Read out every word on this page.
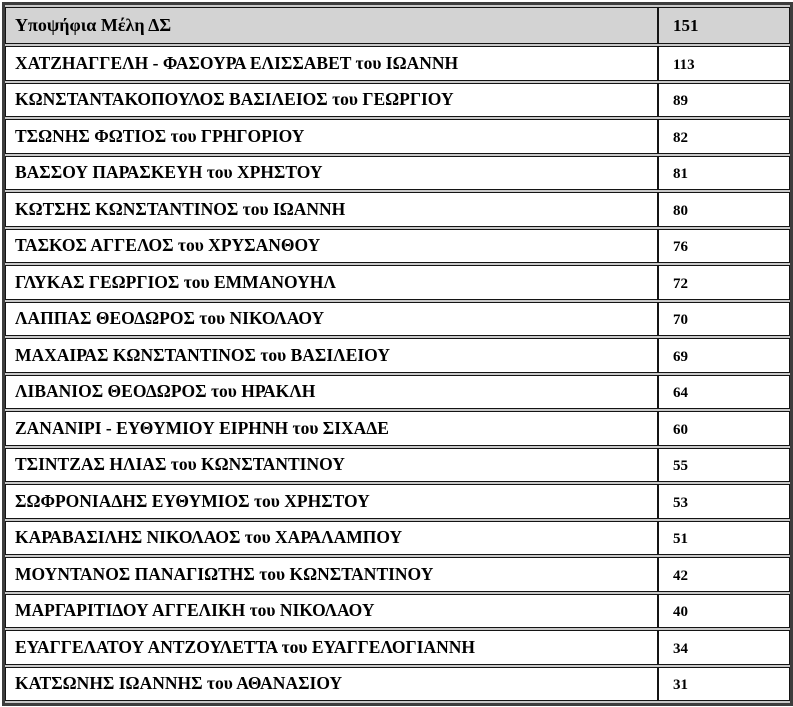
Υποψήφια Μέλη ΔΣ	151
ΧΑΤΖΗΑΓΓΕΛΗ - ΦΑΣΟΥΡΑ ΕΛΙΣΣΑΒΕΤ του ΙΩΑΝΝΗ	113
ΚΩΝΣΤΑΝΤΑΚΟΠΟΥΛΟΣ ΒΑΣΙΛΕΙΟΣ του ΓΕΩΡΓΙΟΥ	89
ΤΣΩΝΗΣ ΦΩΤΙΟΣ του ΓΡΗΓΟΡΙΟΥ	82
ΒΑΣΣΟΥ ΠΑΡΑΣΚΕΥΗ του ΧΡΗΣΤΟΥ	81
ΚΩΤΣΗΣ ΚΩΝΣΤΑΝΤΙΝΟΣ του ΙΩΑΝΝΗ	80
ΤΑΣΚΟΣ ΑΓΓΕΛΟΣ του ΧΡΥΣΑΝΘΟΥ	76
ΓΛΥΚΑΣ ΓΕΩΡΓΙΟΣ του ΕΜΜΑΝΟΥΗΛ	72
ΛΑΠΠΑΣ ΘΕΟΔΩΡΟΣ του ΝΙΚΟΛΑΟΥ	70
ΜΑΧΑΙΡΑΣ ΚΩΝΣΤΑΝΤΙΝΟΣ του ΒΑΣΙΛΕΙΟΥ	69
ΛΙΒΑΝΙΟΣ ΘΕΟΔΩΡΟΣ του ΗΡΑΚΛΗ	64
ΖΑΝΑΝΙΡΙ - ΕΥΘΥΜΙΟΥ ΕΙΡΗΝΗ του ΣΙΧΑΔΕ	60
ΤΣΙΝΤΖΑΣ ΗΛΙΑΣ του ΚΩΝΣΤΑΝΤΙΝΟΥ	55
ΣΩΦΡΟΝΙΑΔΗΣ ΕΥΘΥΜΙΟΣ του ΧΡΗΣΤΟΥ	53
ΚΑΡΑΒΑΣΙΛΗΣ ΝΙΚΟΛΑΟΣ του ΧΑΡΑΛΑΜΠΟΥ	51
ΜΟΥΝΤΑΝΟΣ ΠΑΝΑΓΙΩΤΗΣ του ΚΩΝΣΤΑΝΤΙΝΟΥ	42
ΜΑΡΓΑΡΙΤΙΔΟΥ ΑΓΓΕΛΙΚΗ του ΝΙΚΟΛΑΟΥ	40
ΕΥΑΓΓΕΛΑΤΟΥ ΑΝΤΖΟΥΛΕΤΤΑ του ΕΥΑΓΓΕΛΟΓΙΑΝΝΗ	34
ΚΑΤΣΩΝΗΣ ΙΩΑΝΝΗΣ του ΑΘΑΝΑΣΙΟΥ	31
